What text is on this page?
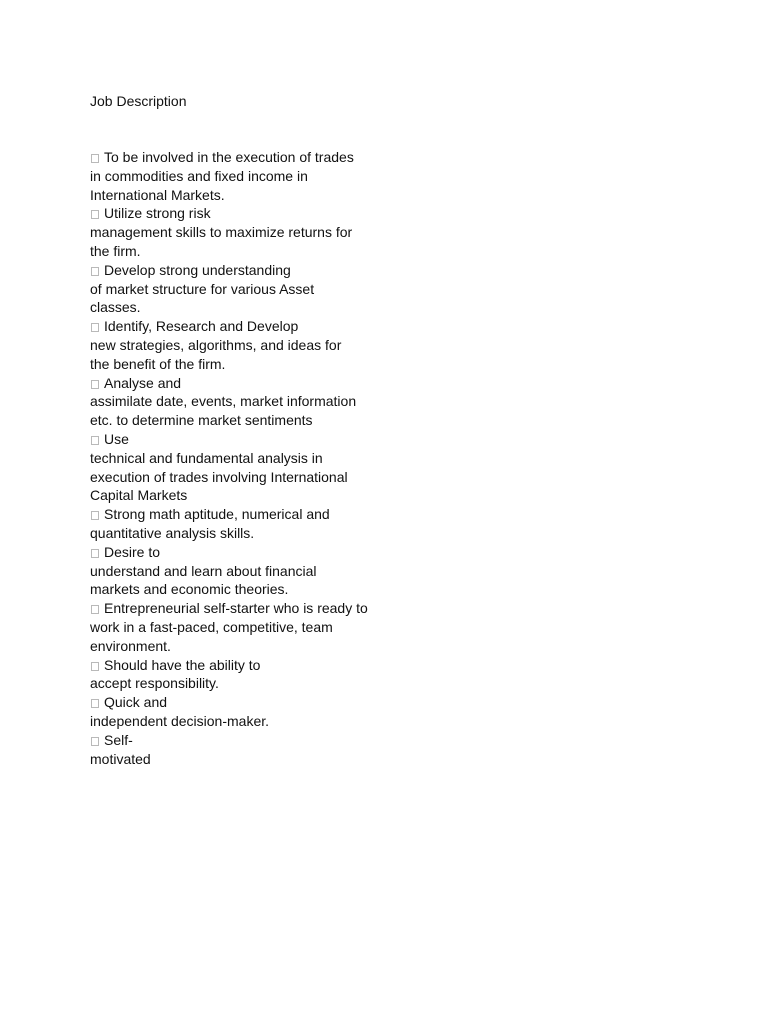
Job Description
To be involved in the execution of trades
in commodities and fixed income in
International Markets.
Utilize strong risk
management skills to maximize returns for
the firm.
Develop strong understanding
of market structure for various Asset
classes.
Identify, Research and Develop
new strategies, algorithms, and ideas for
the benefit of the firm.
Analyse and
assimilate date, events, market information
etc. to determine market sentiments
Use
technical and fundamental analysis in
execution of trades involving International
Capital Markets
Strong math aptitude, numerical and
quantitative analysis skills.
Desire to
understand and learn about financial
markets and economic theories.
Entrepreneurial self-starter who is ready to
work in a fast-paced, competitive, team
environment.
Should have the ability to
accept responsibility.
Quick and
independent decision-maker.
Self-
motivated
